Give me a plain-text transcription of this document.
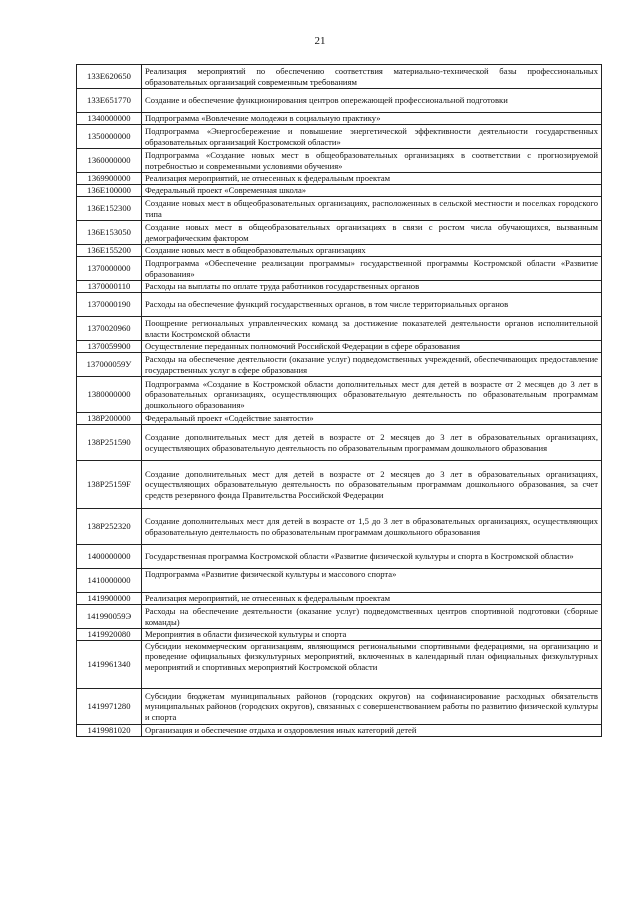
21
133E620650	Реализация мероприятий по обеспечению соответствия материально-технической базы профессиональных образовательных организаций современным требованиям
133E651770	Создание и обеспечение функционирования центров опережающей профессиональной подготовки
1340000000	Подпрограмма «Вовлечение молодежи в социальную практику»
1350000000	Подпрограмма «Энергосбережение и повышение энергетической эффективности деятельности государственных образовательных организаций Костромской области»
1360000000	Подпрограмма «Создание новых мест в общеобразовательных организациях в соответствии с прогнозируемой потребностью и современными условиями обучения»
1369900000	Реализация мероприятий, не отнесенных к федеральным проектам
136E100000	Федеральный проект «Современная школа»
136E152300	Создание новых мест в общеобразовательных организациях, расположенных в сельской местности и поселках городского типа
136E153050	Создание новых мест в общеобразовательных организациях в связи с ростом числа обучающихся, вызванным демографическим фактором
136E155200	Создание новых мест в общеобразовательных организациях
1370000000	Подпрограмма «Обеспечение реализации программы» государственной программы Костромской области «Развитие образования»
1370000110	Расходы на выплаты по оплате труда работников государственных органов
1370000190	Расходы на обеспечение функций государственных органов, в том числе территориальных органов
1370020960	Поощрение региональных управленческих команд за достижение показателей деятельности органов исполнительной власти Костромской области
1370059900	Осуществление переданных полномочий Российской Федерации в сфере образования
137000059У	Расходы на обеспечение деятельности (оказание услуг) подведомственных учреждений, обеспечивающих предоставление государственных услуг в сфере образования
1380000000	Подпрограмма «Создание в Костромской области дополнительных мест для детей в возрасте от 2 месяцев до 3 лет в образовательных организациях, осуществляющих образовательную деятельность по образовательным программам дошкольного образования»
138P200000	Федеральный проект «Содействие занятости»
138P251590	Создание дополнительных мест для детей в возрасте от 2 месяцев до 3 лет в образовательных организациях, осуществляющих образовательную деятельность по образовательным программам дошкольного образования
138P25159F	Создание дополнительных мест для детей в возрасте от 2 месяцев до 3 лет в образовательных организациях, осуществляющих образовательную деятельность по образовательным программам дошкольного образования, за счет средств резервного фонда Правительства Российской Федерации
138P252320	Создание дополнительных мест для детей в возрасте от 1,5 до 3 лет в образовательных организациях, осуществляющих образовательную деятельность по образовательным программам дошкольного образования
1400000000	Государственная программа Костромской области «Развитие физической культуры и спорта в Костромской области»
1410000000	Подпрограмма «Развитие физической культуры и массового спорта»
1419900000	Реализация мероприятий, не отнесенных к федеральным проектам
141990059Э	Расходы на обеспечение деятельности (оказание услуг) подведомственных центров спортивной подготовки (сборные команды)
1419920080	Мероприятия в области физической культуры и спорта
1419961340	Субсидии некоммерческим организациям, являющимся региональными спортивными федерациями, на организацию и проведение официальных физкультурных мероприятий, включенных в календарный план официальных физкультурных мероприятий и спортивных мероприятий Костромской области
1419971280	Субсидии бюджетам муниципальных районов (городских округов) на софинансирование расходных обязательств муниципальных районов (городских округов), связанных с совершенствованием работы по развитию физической культуры и спорта
1419981020	Организация и обеспечение отдыха и оздоровления иных категорий детей
